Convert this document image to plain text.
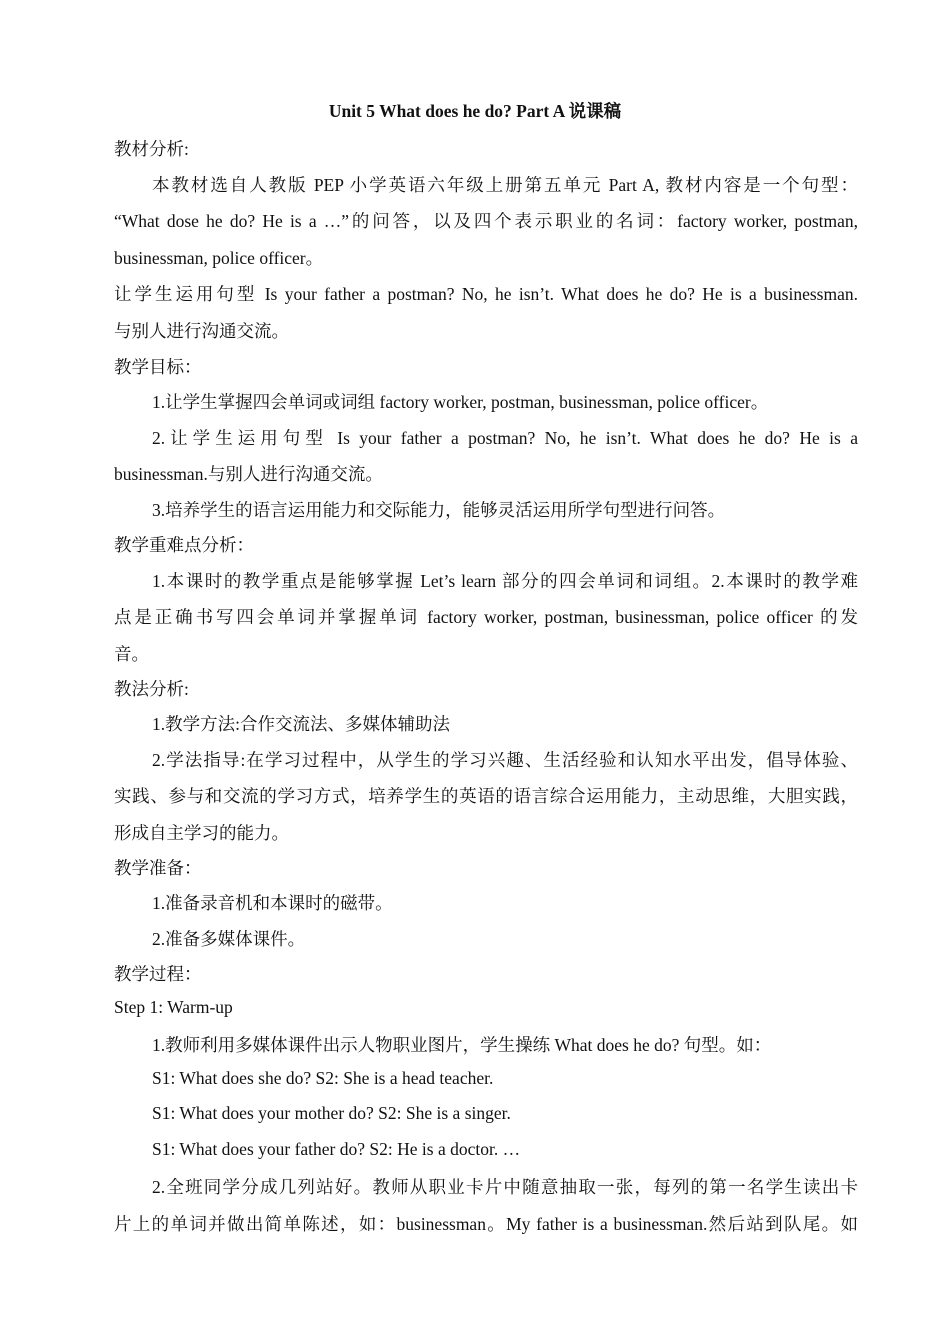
Unit 5 What does he do? Part A 说课稿
教材分析:
本教材选自人教版 PEP 小学英语六年级上册第五单元 Part A, 教材内容是一个句型：
“What dose he do? He is a …”的问答，以及四个表示职业的名词：factory worker, postman,
businessman, police officer。
让学生运用句型 Is your father a postman? No, he isn’t. What does he do? He is a businessman.
与别人进行沟通交流。
教学目标：
1.让学生掌握四会单词或词组 factory worker, postman, businessman, police officer。
2.让学生运用句型 Is your father a postman? No, he isn’t. What does he do? He is a
businessman.与别人进行沟通交流。
3.培养学生的语言运用能力和交际能力，能够灵活运用所学句型进行问答。
教学重难点分析：
1.本课时的教学重点是能够掌握 Let’s learn 部分的四会单词和词组。2.本课时的教学难
点是正确书写四会单词并掌握单词 factory worker, postman, businessman, police officer 的发
音。
教法分析:
1.教学方法:合作交流法、多媒体辅助法
2.学法指导:在学习过程中，从学生的学习兴趣、生活经验和认知水平出发，倡导体验、
实践、参与和交流的学习方式，培养学生的英语的语言综合运用能力，主动思维，大胆实践，
形成自主学习的能力。
教学准备：
1.准备录音机和本课时的磁带。
2.准备多媒体课件。
教学过程：
Step 1: Warm-up
1.教师利用多媒体课件出示人物职业图片，学生操练 What does he do? 句型。如：
S1: What does she do? S2: She is a head teacher.
S1: What does your mother do? S2: She is a singer.
S1: What does your father do? S2: He is a doctor. …
2.全班同学分成几列站好。教师从职业卡片中随意抽取一张，每列的第一名学生读出卡
片上的单词并做出简单陈述，如：businessman。My father is a businessman.然后站到队尾。如
